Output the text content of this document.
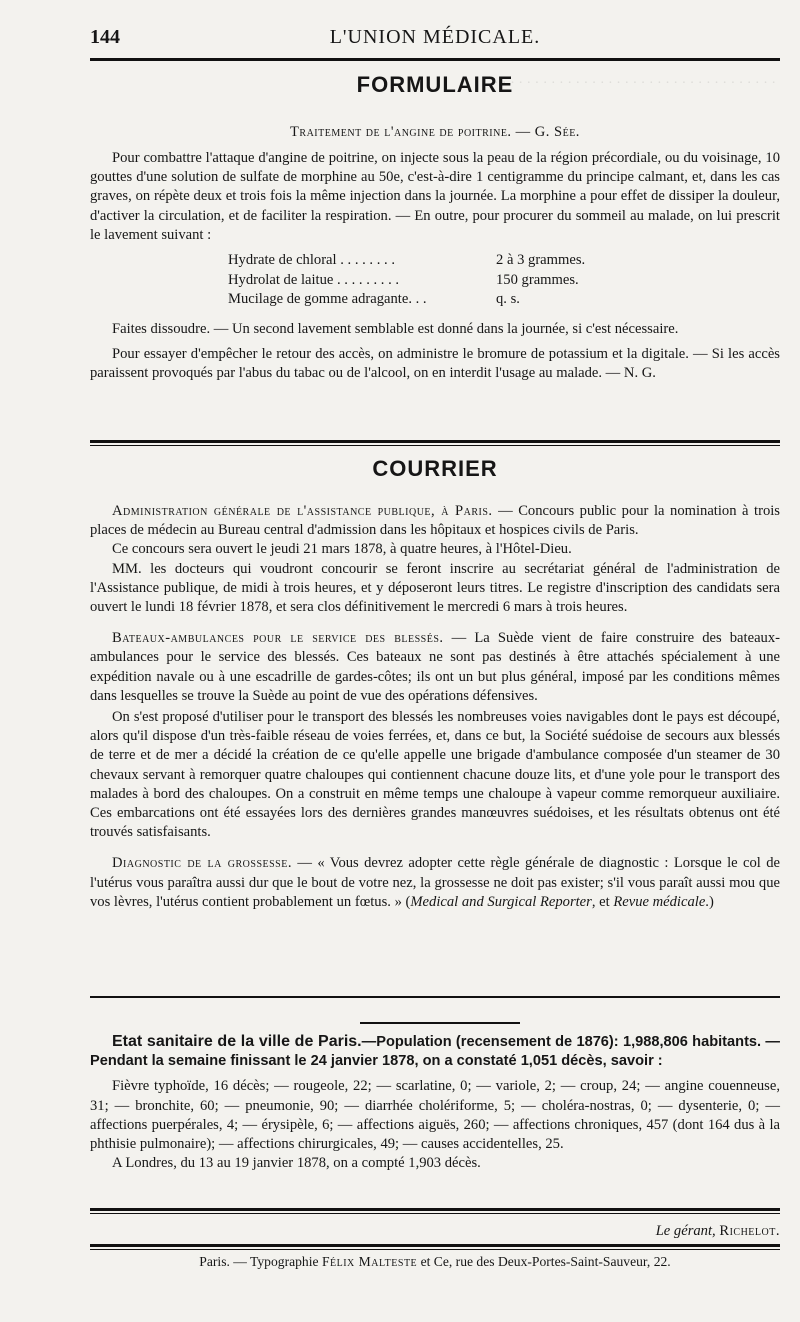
· · · · · · · · · · · · · · · · · · · · · · · · · · · · · · · · · · ·
144	L'UNION MÉDICALE.
FORMULAIRE
Traitement de l'angine de poitrine. — G. Sée.

Pour combattre l'attaque d'angine de poitrine, on injecte sous la peau de la région précordiale, ou du voisinage, 10 gouttes d'une solution de sulfate de morphine au 50e, c'est-à-dire 1 centigramme du principe calmant, et, dans les cas graves, on répète deux et trois fois la même injection dans la journée. La morphine a pour effet de dissiper la douleur, d'activer la circulation, et de faciliter la respiration. — En outre, pour procurer du sommeil au malade, on lui prescrit le lavement suivant :

Hydrate de chloral . . . . . . . .	2 à 3 grammes.
Hydrolat de laitue . . . . . . . . .	150 grammes.
Mucilage de gomme adragante. . .	q. s.

Faites dissoudre. — Un second lavement semblable est donné dans la journée, si c'est nécessaire.

Pour essayer d'empêcher le retour des accès, on administre le bromure de potassium et la digitale. — Si les accès paraissent provoqués par l'abus du tabac ou de l'alcool, on en interdit l'usage au malade. — N. G.

COURRIER

Administration générale de l'assistance publique, à Paris. — Concours public pour la nomination à trois places de médecin au Bureau central d'admission dans les hôpitaux et hospices civils de Paris.

Ce concours sera ouvert le jeudi 21 mars 1878, à quatre heures, à l'Hôtel-Dieu.

MM. les docteurs qui voudront concourir se feront inscrire au secrétariat général de l'administration de l'Assistance publique, de midi à trois heures, et y déposeront leurs titres. Le registre d'inscription des candidats sera ouvert le lundi 18 février 1878, et sera clos définitivement le mercredi 6 mars à trois heures.

Bateaux-ambulances pour le service des blessés. — La Suède vient de faire construire des bateaux-ambulances pour le service des blessés. Ces bateaux ne sont pas destinés à être attachés spécialement à une expédition navale ou à une escadrille de gardes-côtes; ils ont un but plus général, imposé par les conditions mêmes dans lesquelles se trouve la Suède au point de vue des opérations défensives.

On s'est proposé d'utiliser pour le transport des blessés les nombreuses voies navigables dont le pays est découpé, alors qu'il dispose d'un très-faible réseau de voies ferrées, et, dans ce but, la Société suédoise de secours aux blessés de terre et de mer a décidé la création de ce qu'elle appelle une brigade d'ambulance composée d'un steamer de 30 chevaux servant à remorquer quatre chaloupes qui contiennent chacune douze lits, et d'une yole pour le transport des malades à bord des chaloupes. On a construit en même temps une chaloupe à vapeur comme remorqueur auxiliaire. Ces embarcations ont été essayées lors des dernières grandes manœuvres suédoises, et les résultats obtenus ont été trouvés satisfaisants.

Diagnostic de la grossesse. — « Vous devrez adopter cette règle générale de diagnostic : Lorsque le col de l'utérus vous paraîtra aussi dur que le bout de votre nez, la grossesse ne doit pas exister; s'il vous paraît aussi mou que vos lèvres, l'utérus contient probablement un fœtus. » (Medical and Surgical Reporter, et Revue médicale.)

Etat sanitaire de la ville de Paris.—Population (recensement de 1876): 1,988,806 habitants. — Pendant la semaine finissant le 24 janvier 1878, on a constaté 1,051 décès, savoir :

Fièvre typhoïde, 16 décès; — rougeole, 22; — scarlatine, 0; — variole, 2; — croup, 24; — angine couenneuse, 31; — bronchite, 60; — pneumonie, 90; — diarrhée cholériforme, 5; — choléra-nostras, 0; — dysenterie, 0; — affections puerpérales, 4; — érysipèle, 6; — affections aiguës, 260; — affections chroniques, 457 (dont 164 dus à la phthisie pulmonaire); — affections chirurgicales, 49; — causes accidentelles, 25.

A Londres, du 13 au 19 janvier 1878, on a compté 1,903 décès.

Le gérant, Richelot.
Paris. — Typographie Félix Malteste et Ce, rue des Deux-Portes-Saint-Sauveur, 22.
